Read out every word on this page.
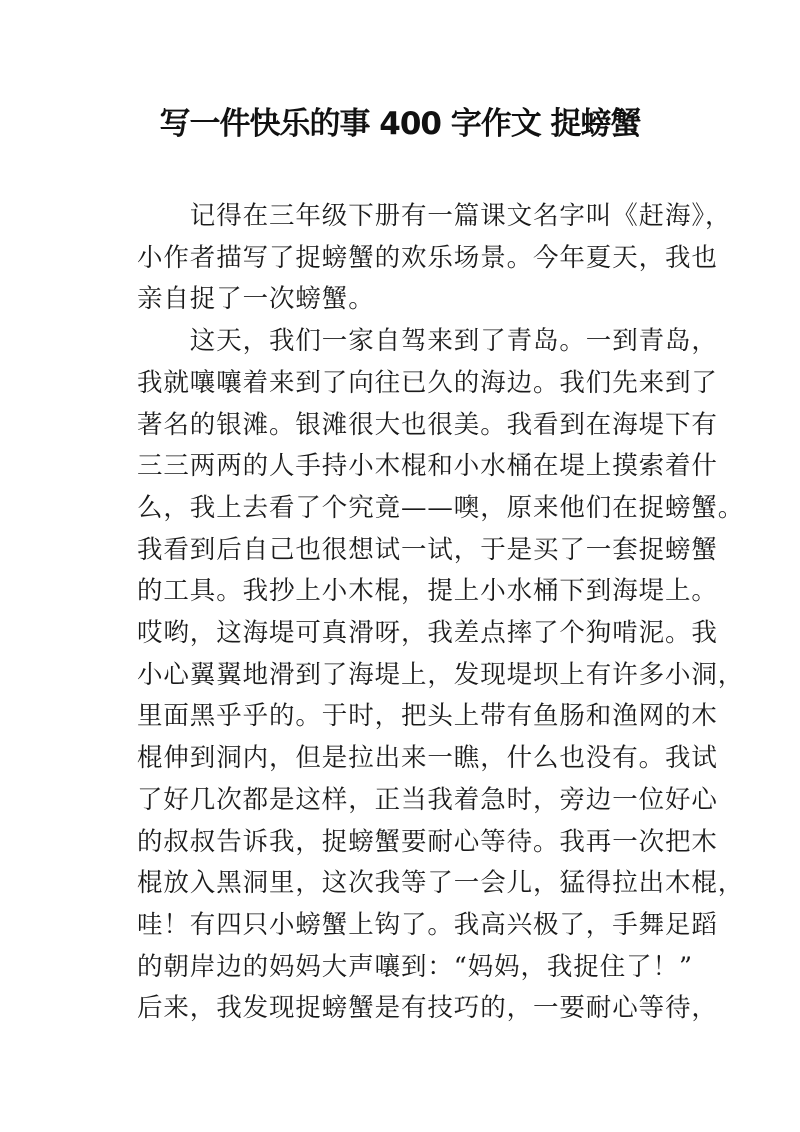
写一件快乐的事 400 字作文 捉螃蟹
　　记得在三年级下册有一篇课文名字叫《赶海》，
小作者描写了捉螃蟹的欢乐场景。今年夏天，我也
亲自捉了一次螃蟹。
　　这天，我们一家自驾来到了青岛。一到青岛，
我就嚷嚷着来到了向往已久的海边。我们先来到了
著名的银滩。银滩很大也很美。我看到在海堤下有
三三两两的人手持小木棍和小水桶在堤上摸索着什
么，我上去看了个究竟——噢，原来他们在捉螃蟹。
我看到后自己也很想试一试，于是买了一套捉螃蟹
的工具。我抄上小木棍，提上小水桶下到海堤上。
哎哟，这海堤可真滑呀，我差点摔了个狗啃泥。我
小心翼翼地滑到了海堤上，发现堤坝上有许多小洞，
里面黑乎乎的。于时，把头上带有鱼肠和渔网的木
棍伸到洞内，但是拉出来一瞧，什么也没有。我试
了好几次都是这样，正当我着急时，旁边一位好心
的叔叔告诉我，捉螃蟹要耐心等待。我再一次把木
棍放入黑洞里，这次我等了一会儿，猛得拉出木棍，
哇！有四只小螃蟹上钩了。我高兴极了，手舞足蹈
的朝岸边的妈妈大声嚷到：“妈妈，我捉住了！”
后来，我发现捉螃蟹是有技巧的，一要耐心等待，
